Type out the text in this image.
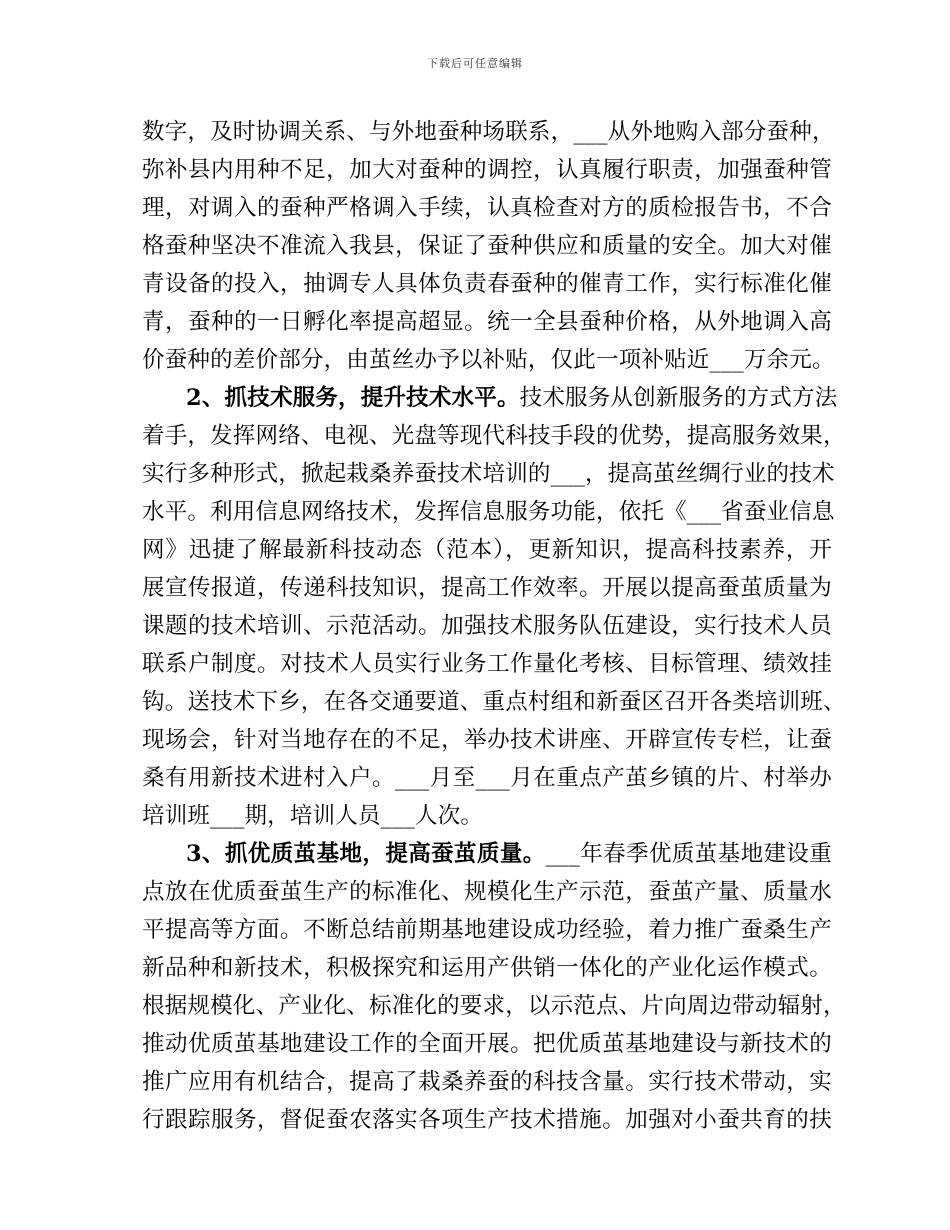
下载后可任意编辑
数字，及时协调关系、与外地蚕种场联系，___从外地购入部分蚕种，
弥补县内用种不足，加大对蚕种的调控，认真履行职责，加强蚕种管
理，对调入的蚕种严格调入手续，认真检查对方的质检报告书，不合
格蚕种坚决不准流入我县，保证了蚕种供应和质量的安全。加大对催
青设备的投入，抽调专人具体负责春蚕种的催青工作，实行标准化催
青，蚕种的一日孵化率提高超显。统一全县蚕种价格，从外地调入高
价蚕种的差价部分，由茧丝办予以补贴，仅此一项补贴近___万余元。
2、抓技术服务，提升技术水平。技术服务从创新服务的方式方法
着手，发挥网络、电视、光盘等现代科技手段的优势，提高服务效果，
实行多种形式，掀起栽桑养蚕技术培训的___，提高茧丝绸行业的技术
水平。利用信息网络技术，发挥信息服务功能，依托《___省蚕业信息
网》迅捷了解最新科技动态（范本），更新知识，提高科技素养，开
展宣传报道，传递科技知识，提高工作效率。开展以提高蚕茧质量为
课题的技术培训、示范活动。加强技术服务队伍建设，实行技术人员
联系户制度。对技术人员实行业务工作量化考核、目标管理、绩效挂
钩。送技术下乡，在各交通要道、重点村组和新蚕区召开各类培训班、
现场会，针对当地存在的不足，举办技术讲座、开辟宣传专栏，让蚕
桑有用新技术进村入户。___月至___月在重点产茧乡镇的片、村举办
培训班___期，培训人员___人次。
3、抓优质茧基地，提高蚕茧质量。___年春季优质茧基地建设重
点放在优质蚕茧生产的标准化、规模化生产示范，蚕茧产量、质量水
平提高等方面。不断总结前期基地建设成功经验，着力推广蚕桑生产
新品种和新技术，积极探究和运用产供销一体化的产业化运作模式。
根据规模化、产业化、标准化的要求，以示范点、片向周边带动辐射，
推动优质茧基地建设工作的全面开展。把优质茧基地建设与新技术的
推广应用有机结合，提高了栽桑养蚕的科技含量。实行技术带动，实
行跟踪服务，督促蚕农落实各项生产技术措施。加强对小蚕共育的扶
